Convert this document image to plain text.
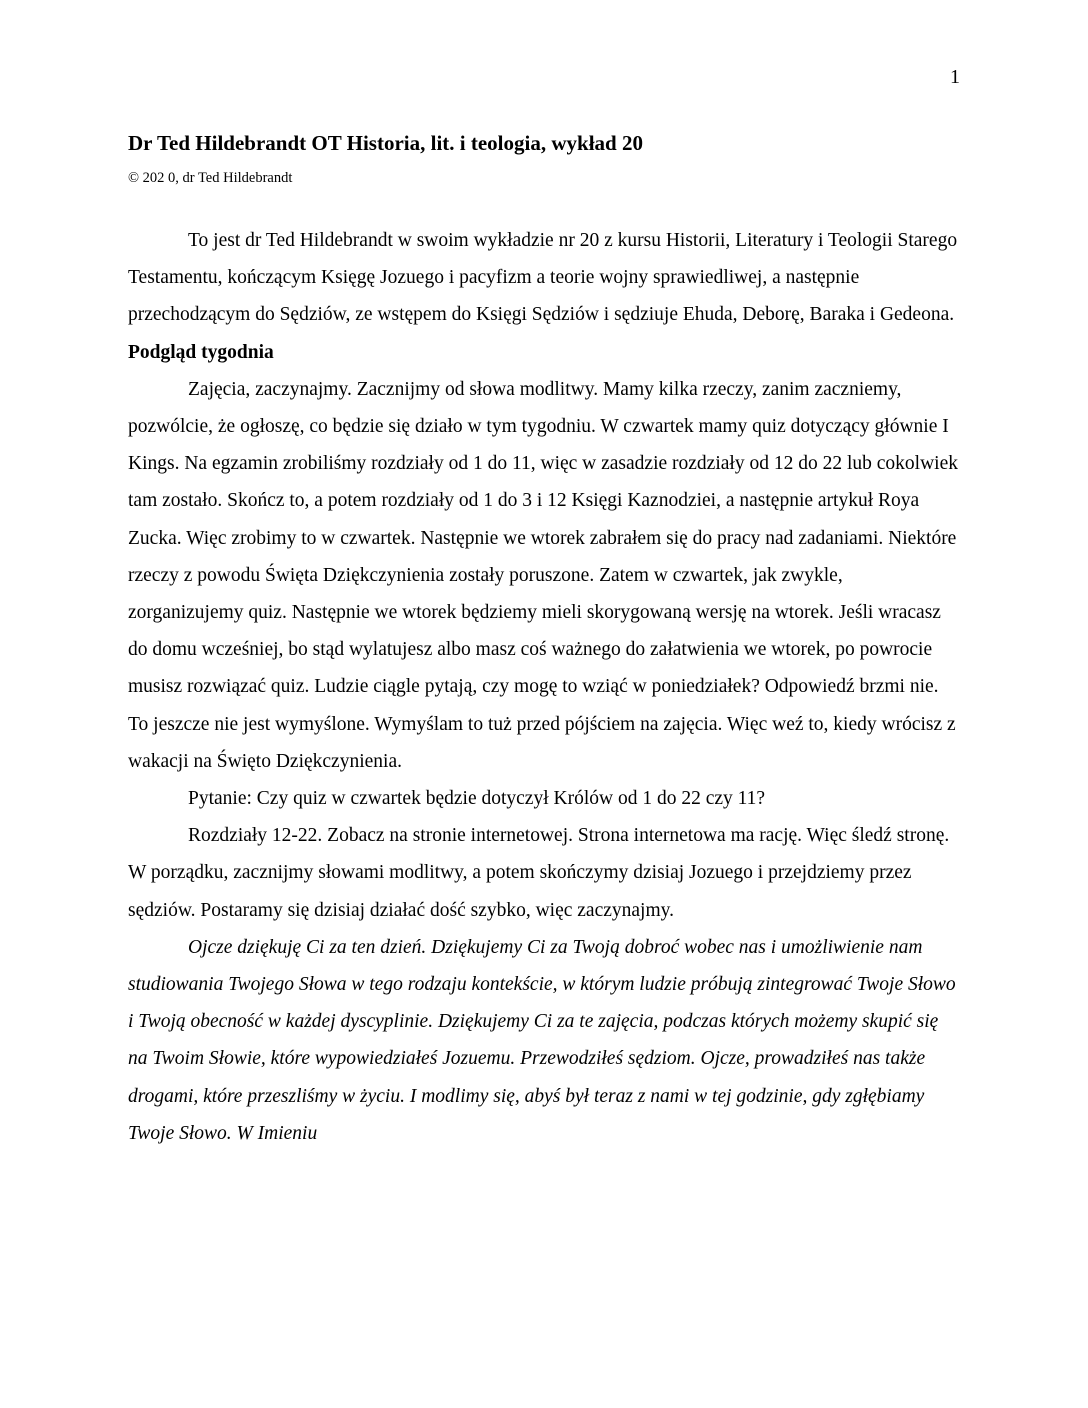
1
Dr Ted Hildebrandt OT Historia, lit. i teologia, wykład 20

© 202 0, dr Ted Hildebrandt

To jest dr Ted Hildebrandt w swoim wykładzie nr 20 z kursu Historii, Literatury i Teologii Starego Testamentu, kończącym Księgę Jozuego i pacyfizm a teorie wojny sprawiedliwej, a następnie przechodzącym do Sędziów, ze wstępem do Księgi Sędziów i sędziuje Ehuda, Deborę, Baraka i Gedeona.

Podgląd tygodnia

Zajęcia, zaczynajmy. Zacznijmy od słowa modlitwy. Mamy kilka rzeczy, zanim zaczniemy, pozwólcie, że ogłoszę, co będzie się działo w tym tygodniu. W czwartek mamy quiz dotyczący głównie I Kings. Na egzamin zrobiliśmy rozdziały od 1 do 11, więc w zasadzie rozdziały od 12 do 22 lub cokolwiek tam zostało. Skończ to, a potem rozdziały od 1 do 3 i 12 Księgi Kaznodziei, a następnie artykuł Roya Zucka. Więc zrobimy to w czwartek. Następnie we wtorek zabrałem się do pracy nad zadaniami. Niektóre rzeczy z powodu Święta Dziękczynienia zostały poruszone. Zatem w czwartek, jak zwykle, zorganizujemy quiz. Następnie we wtorek będziemy mieli skorygowaną wersję na wtorek. Jeśli wracasz do domu wcześniej, bo stąd wylatujesz albo masz coś ważnego do załatwienia we wtorek, po powrocie musisz rozwiązać quiz. Ludzie ciągle pytają, czy mogę to wziąć w poniedziałek? Odpowiedź brzmi nie. To jeszcze nie jest wymyślone. Wymyślam to tuż przed pójściem na zajęcia. Więc weź to, kiedy wrócisz z wakacji na Święto Dziękczynienia.

Pytanie: Czy quiz w czwartek będzie dotyczył Królów od 1 do 22 czy 11?

Rozdziały 12-22. Zobacz na stronie internetowej. Strona internetowa ma rację. Więc śledź stronę. W porządku, zacznijmy słowami modlitwy, a potem skończymy dzisiaj Jozuego i przejdziemy przez sędziów. Postaramy się dzisiaj działać dość szybko, więc zaczynajmy.

Ojcze dziękuję Ci za ten dzień. Dziękujemy Ci za Twoją dobroć wobec nas i umożliwienie nam studiowania Twojego Słowa w tego rodzaju kontekście, w którym ludzie próbują zintegrować Twoje Słowo i Twoją obecność w każdej dyscyplinie. Dziękujemy Ci za te zajęcia, podczas których możemy skupić się na Twoim Słowie, które wypowiedziałeś Jozuemu. Przewodziłeś sędziom. Ojcze, prowadziłeś nas także drogami, które przeszliśmy w życiu. I modlimy się, abyś był teraz z nami w tej godzinie, gdy zgłębiamy Twoje Słowo. W Imieniu
